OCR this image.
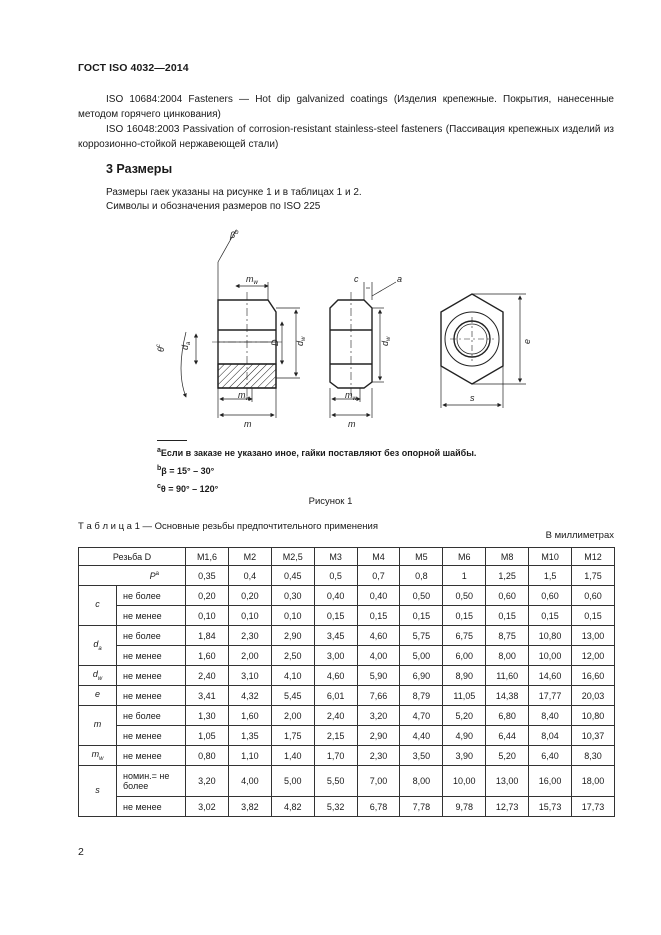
ГОСТ ISO 4032—2014
ISO 10684:2004 Fasteners — Hot dip galvanized coatings (Изделия крепежные. Покрытия, нанесенные методом горячего цинкования)
ISO 16048:2003 Passivation of corrosion-resistant stainless-steel fasteners (Пассивация крепежных изделий из коррозионно-стойкой нержавеющей стали)
3 Размеры
Размеры гаек указаны на рисунке 1 и в таблицах 1 и 2.
Символы и обозначения размеров по ISO 225
$\beta^b$
$m_w$
$m_w$
m
$d_a$	D $d_w$
$\theta^c$
c	a
$m_w$
m
$d_w$
s
e
$^a$Если в заказе не указано иное, гайки поставляют без опорной шайбы.
$^b$β = 15° – 30°
$^c$θ = 90° – 120°
Рисунок 1
Т а б л и ц а 1 — Основные резьбы предпочтительного применения
В миллиметрах
Резьба D		M1,6	M2	M2,5	M3	M4	M5	M6	M8	M10	M12
$P^a$		0,35	0,4	0,45	0,5	0,7	0,8	1	1,25	1,5	1,75
c	не более	0,20	0,20	0,30	0,40	0,40	0,50	0,50	0,60	0,60	0,60
	не менее	0,10	0,10	0,10	0,15	0,15	0,15	0,15	0,15	0,15	0,15
$d_a$	не более	1,84	2,30	2,90	3,45	4,60	5,75	6,75	8,75	10,80	13,00
	не менее	1,60	2,00	2,50	3,00	4,00	5,00	6,00	8,00	10,00	12,00
$d_w$	не менее	2,40	3,10	4,10	4,60	5,90	6,90	8,90	11,60	14,60	16,60
e	не менее	3,41	4,32	5,45	6,01	7,66	8,79	11,05	14,38	17,77	20,03
m	не более	1,30	1,60	2,00	2,40	3,20	4,70	5,20	6,80	8,40	10,80
	не менее	1,05	1,35	1,75	2,15	2,90	4,40	4,90	6,44	8,04	10,37
$m_w$	не менее	0,80	1,10	1,40	1,70	2,30	3,50	3,90	5,20	6,40	8,30
s	номин.= не более	3,20	4,00	5,00	5,50	7,00	8,00	10,00	13,00	16,00	18,00
	не менее	3,02	3,82	4,82	5,32	6,78	7,78	9,78	12,73	15,73	17,73
2
